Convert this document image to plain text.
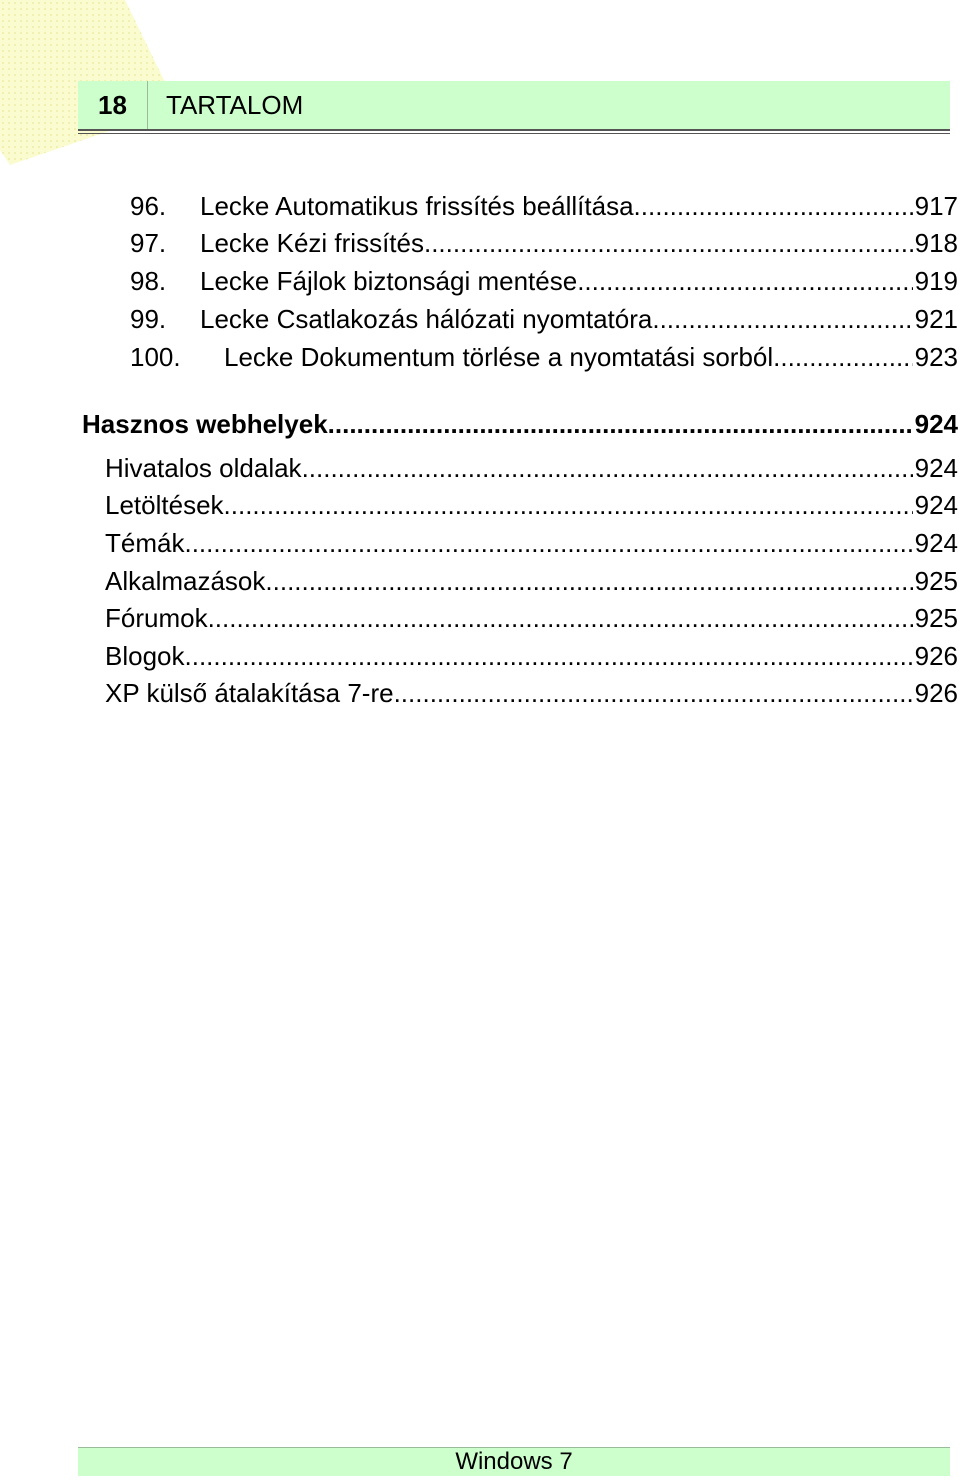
18	TARTALOM
96.	Lecke Automatikus frissítés beállítása .....	917
97.	Lecke Kézi frissítés .....	918
98.	Lecke Fájlok biztonsági mentése .....	919
99.	Lecke Csatlakozás hálózati nyomtatóra .....	921
100.	Lecke Dokumentum törlése a nyomtatási sorból .....	923
Hasznos webhelyek .....	924
Hivatalos oldalak .....	924
Letöltések .....	924
Témák .....	924
Alkalmazások .....	925
Fórumok .....	925
Blogok .....	926
XP külső átalakítása 7-re .....	926
Windows 7
